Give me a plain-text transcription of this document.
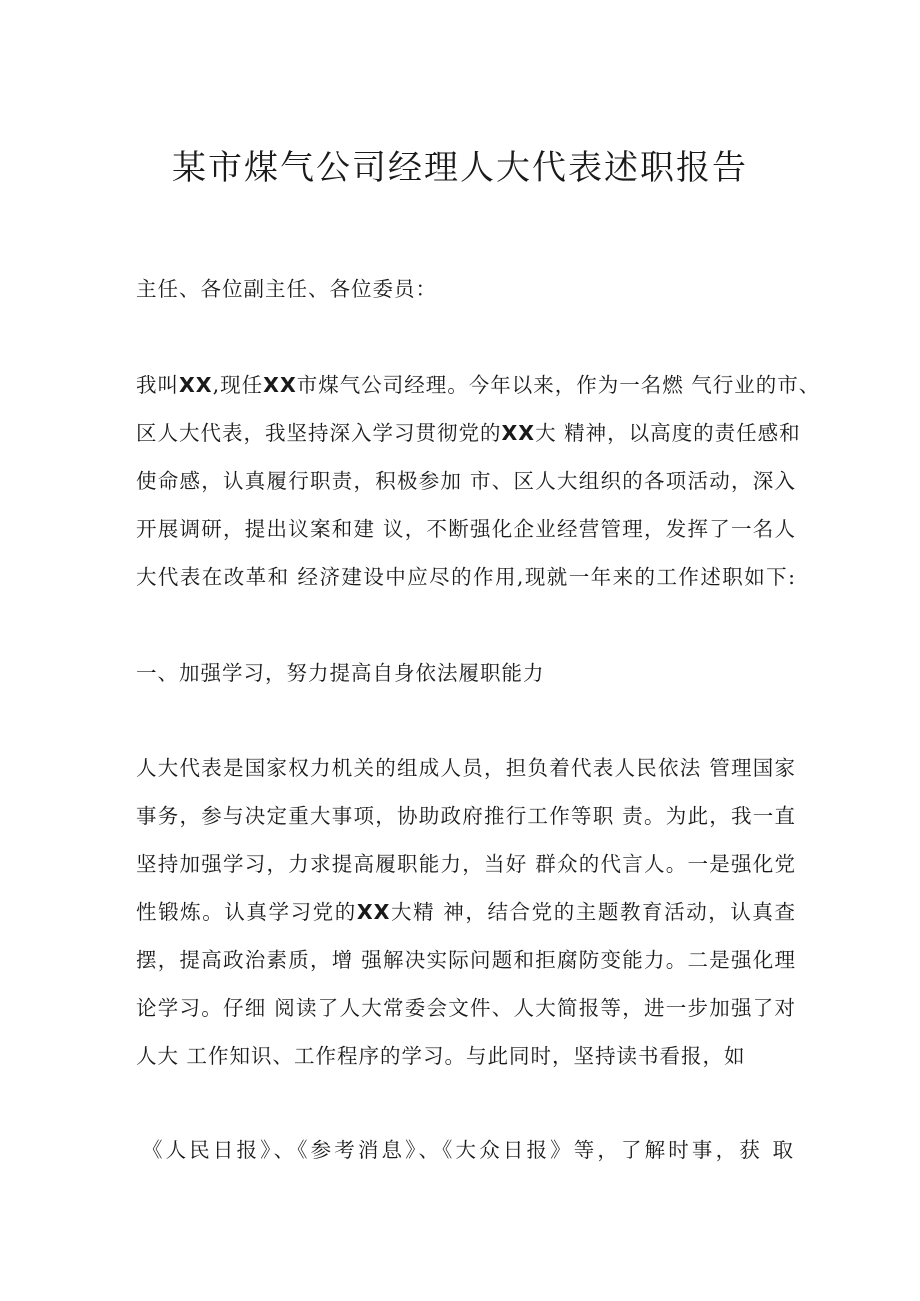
某市煤气公司经理人大代表述职报告
主任、各位副主任、各位委员：
我叫XX,现任XX市煤气公司经理。今年以来，作为一名燃 气行业的市、
区人大代表，我坚持深入学习贯彻党的XX大 精神，以高度的责任感和
使命感，认真履行职责，积极参加 市、区人大组织的各项活动，深入
开展调研，提出议案和建 议，不断强化企业经营管理，发挥了一名人
大代表在改革和 经济建设中应尽的作用,现就一年来的工作述职如下:
一、加强学习，努力提高自身依法履职能力
人大代表是国家权力机关的组成人员，担负着代表人民依法 管理国家
事务，参与决定重大事项，协助政府推行工作等职 责。为此，我一直
坚持加强学习，力求提高履职能力，当好 群众的代言人。一是强化党
性锻炼。认真学习党的XX大精 神，结合党的主题教育活动，认真查
摆，提高政治素质，增 强解决实际问题和拒腐防变能力。二是强化理
论学习。仔细 阅读了人大常委会文件、人大简报等，进一步加强了对
人大 工作知识、工作程序的学习。与此同时，坚持读书看报，如
《人民日报》、《参考消息》、《大众日报》等，了解时事，获 取
